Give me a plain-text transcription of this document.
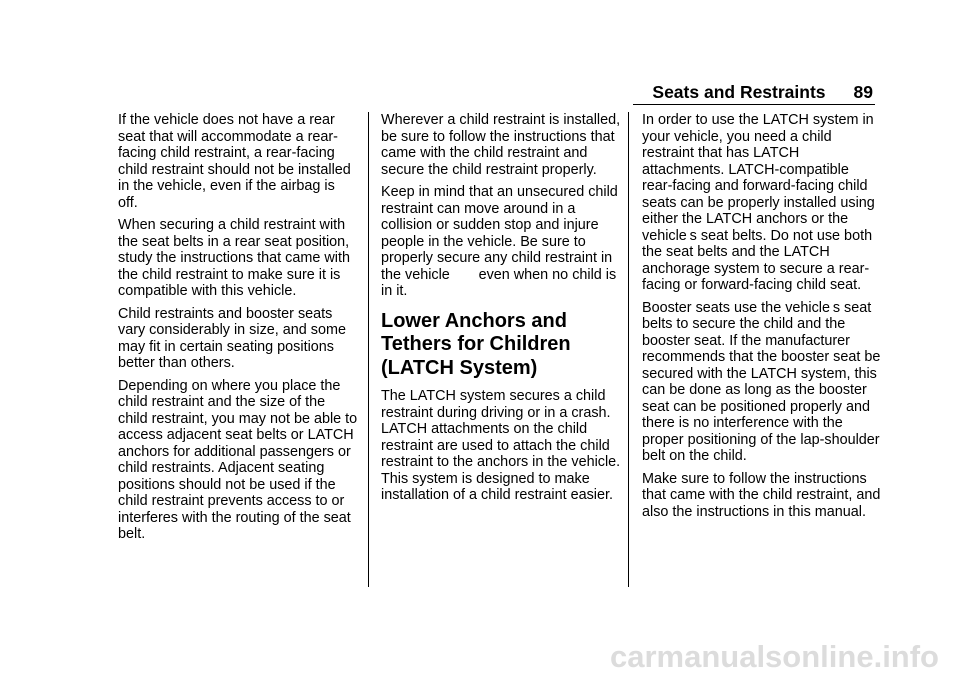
Seats and Restraints 89

If the vehicle does not have a rear seat that will accommodate a rear-facing child restraint, a rear-facing child restraint should not be installed in the vehicle, even if the airbag is off.

When securing a child restraint with the seat belts in a rear seat position, study the instructions that came with the child restraint to make sure it is compatible with this vehicle.

Child restraints and booster seats vary considerably in size, and some may fit in certain seating positions better than others.

Depending on where you place the child restraint and the size of the child restraint, you may not be able to access adjacent seat belts or LATCH anchors for additional passengers or child restraints. Adjacent seating positions should not be used if the child restraint prevents access to or interferes with the routing of the seat belt.

Wherever a child restraint is installed, be sure to follow the instructions that came with the child restraint and secure the child restraint properly.

Keep in mind that an unsecured child restraint can move around in a collision or sudden stop and injure people in the vehicle. Be sure to properly secure any child restraint in the vehicle  even when no child is in it.

Lower Anchors and
Tethers for Children
(LATCH System)

The LATCH system secures a child restraint during driving or in a crash. LATCH attachments on the child restraint are used to attach the child restraint to the anchors in the vehicle. This system is designed to make installation of a child restraint easier.

In order to use the LATCH system in your vehicle, you need a child restraint that has LATCH attachments. LATCH-compatible rear-facing and forward-facing child seats can be properly installed using either the LATCH anchors or the vehicle s seat belts. Do not use both the seat belts and the LATCH anchorage system to secure a rear-facing or forward-facing child seat.

Booster seats use the vehicle s seat belts to secure the child and the booster seat. If the manufacturer recommends that the booster seat be secured with the LATCH system, this can be done as long as the booster seat can be positioned properly and there is no interference with the proper positioning of the lap-shoulder belt on the child.

Make sure to follow the instructions that came with the child restraint, and also the instructions in this manual.

carmanualsonline.info
